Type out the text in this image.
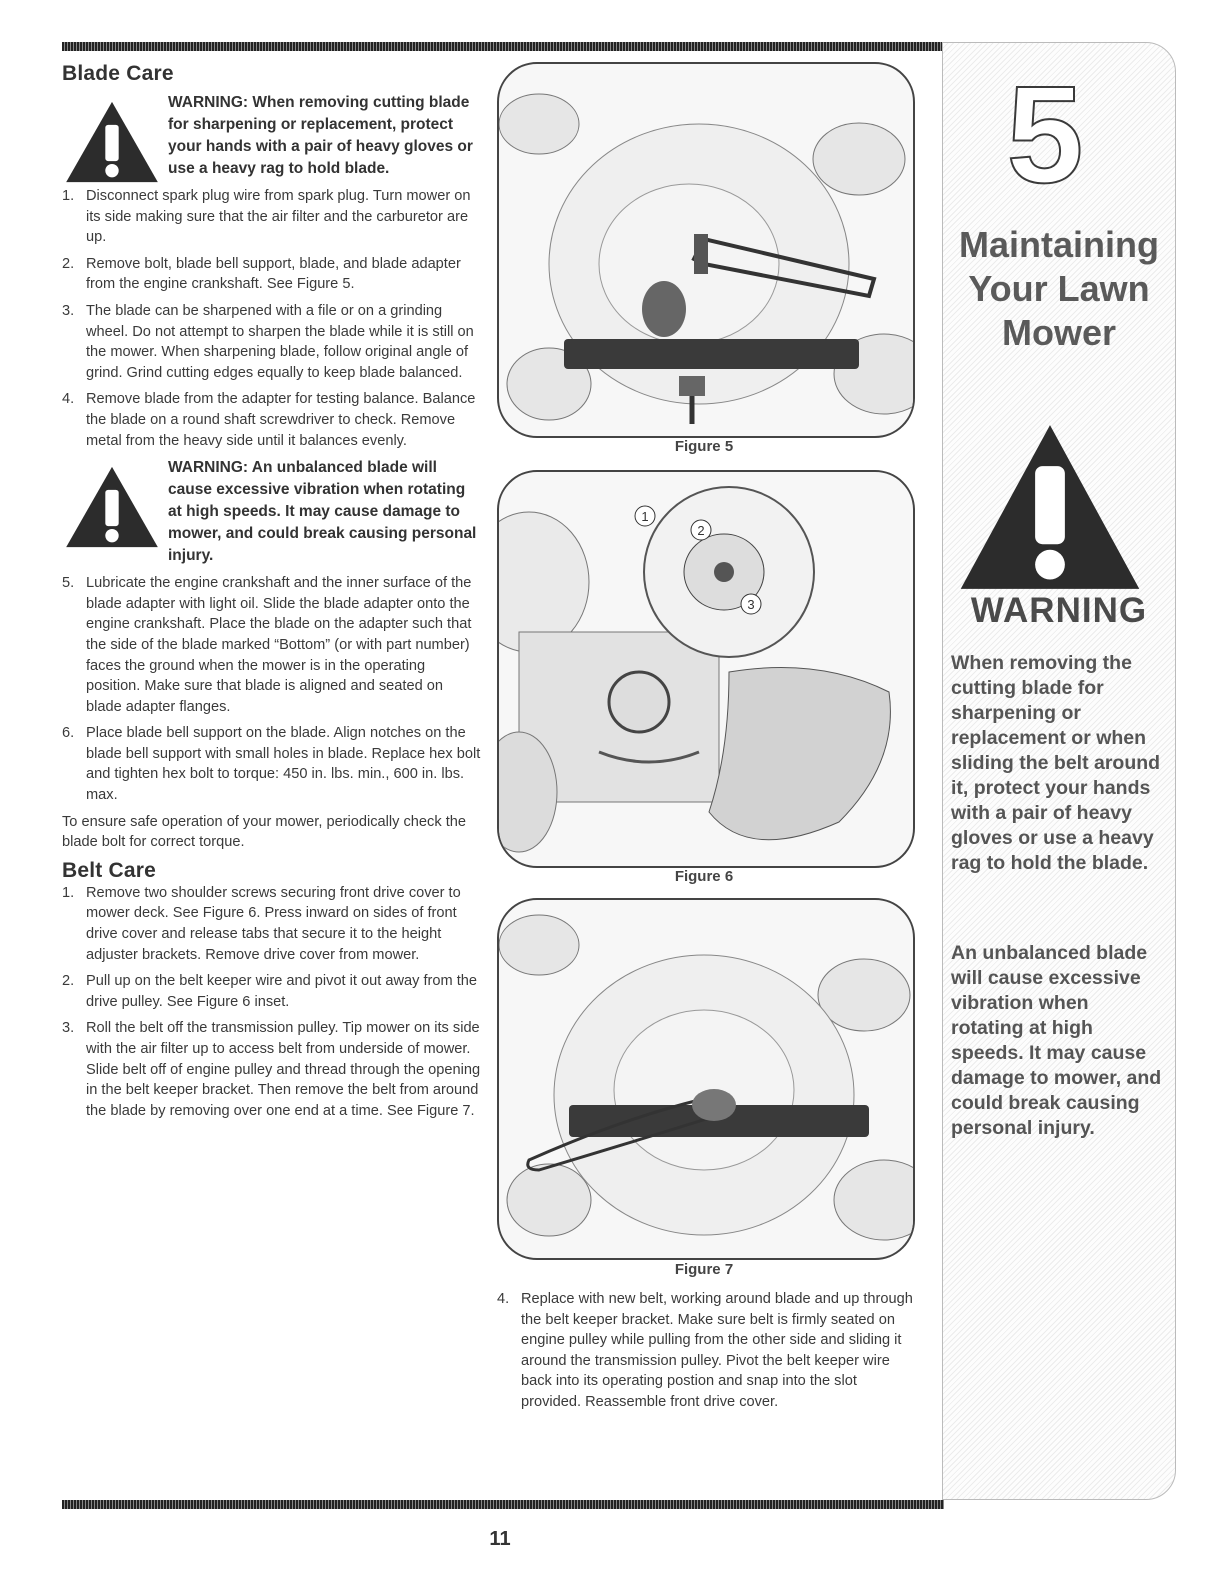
Blade Care
WARNING: When removing cutting blade for sharpening or replacement, protect your hands with a pair of heavy gloves or use a heavy rag to hold blade.
1. Disconnect spark plug wire from spark plug. Turn mower on its side making sure that the air filter and the carburetor are up.
2. Remove bolt, blade bell support, blade, and blade adapter from the engine crankshaft. See Figure 5.
3. The blade can be sharpened with a file or on a grinding wheel. Do not attempt to sharpen the blade while it is still on the mower. When sharpening blade, follow original angle of grind. Grind cutting edges equally to keep blade balanced.
4. Remove blade from the adapter for testing balance. Balance the blade on a round shaft screwdriver to check. Remove metal from the heavy side until it balances evenly.
WARNING: An unbalanced blade will cause excessive vibration when rotating at high speeds. It may cause damage to mower, and could break causing personal injury.
5. Lubricate the engine crankshaft and the inner surface of the blade adapter with light oil. Slide the blade adapter onto the engine crankshaft. Place the blade on the adapter such that the side of the blade marked “Bottom” (or with part number) faces the ground when the mower is in the operating position. Make sure that blade is aligned and seated on blade adapter flanges.
6. Place blade bell support on the blade. Align notches on the blade bell support with small holes in blade. Replace hex bolt and tighten hex bolt to torque: 450 in. lbs. min., 600 in. lbs. max.

To ensure safe operation of your mower, periodically check the blade bolt for correct torque.

Belt Care
1. Remove two shoulder screws securing front drive cover to mower deck. See Figure 6. Press inward on sides of front drive cover and release tabs that secure it to the height adjuster brackets. Remove drive cover from mower.
2. Pull up on the belt keeper wire and pivot it out away from the drive pulley. See Figure 6 inset.
3. Roll the belt off the transmission pulley. Tip mower on its side with the air filter up to access belt from underside of mower. Slide belt off of engine pulley and thread through the opening in the belt keeper bracket. Then remove the belt from around the blade by removing over one end at a time. See Figure 7.
Figure 5
1
2
3
Figure 6
Figure 7
4. Replace with new belt, working around blade and up through the belt keeper bracket. Make sure belt is firmly seated on engine pulley while pulling from the other side and sliding it around the transmission pulley. Pivot the belt keeper wire back into its operating postion and snap into the slot provided. Reassemble front drive cover.
5
Maintaining
Your Lawn
Mower
WARNING
When removing the cutting blade for sharpening or replacement or when sliding the belt around it, protect your hands with a pair of heavy gloves or use a heavy rag to hold the blade.
An unbalanced blade will cause excessive vibration when rotating at high speeds. It may cause damage to mower, and could break causing personal injury.
11
